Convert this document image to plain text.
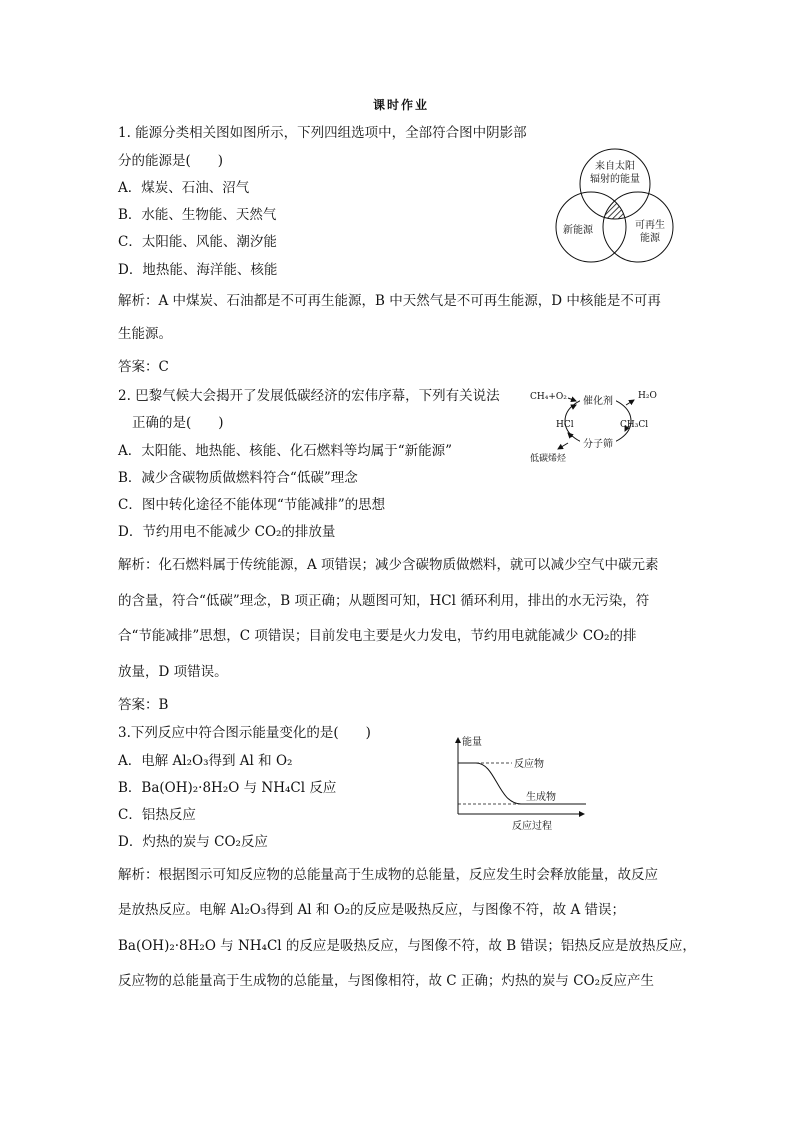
课时作业
1. 能源分类相关图如图所示，下列四组选项中，全部符合图中阴影部
分的能源是(　　)
A．煤炭、石油、沼气
B．水能、生物能、天然气
C．太阳能、风能、潮汐能
D．地热能、海洋能、核能
来自太阳
辐射的能量
新能源	可再生
能源
解析：A 中煤炭、石油都是不可再生能源，B 中天然气是不可再生能源，D 中核能是不可再
生能源。
答案：C
2. 巴黎气候大会揭开了发展低碳经济的宏伟序幕，下列有关说法
正确的是(　　)
A．太阳能、地热能、核能、化石燃料等均属于“新能源”
B．减少含碳物质做燃料符合“低碳”理念
C．图中转化途径不能体现“节能减排”的思想
D．节约用电不能减少 CO₂的排放量
催化剂
CH₄+O₂	H₂O
HCl	CH₃Cl
分子筛
低碳烯烃
解析：化石燃料属于传统能源，A 项错误；减少含碳物质做燃料，就可以减少空气中碳元素
的含量，符合“低碳”理念，B 项正确；从题图可知，HCl 循环利用，排出的水无污染，符
合“节能减排”思想，C 项错误；目前发电主要是火力发电，节约用电就能减少 CO₂的排
放量，D 项错误。
答案：B
3.下列反应中符合图示能量变化的是(　　)
A．电解 Al₂O₃得到 Al 和 O₂
B．Ba(OH)₂·8H₂O 与 NH₄Cl 反应
C．铝热反应
D．灼热的炭与 CO₂反应
能量
反应物
生成物
反应过程
解析：根据图示可知反应物的总能量高于生成物的总能量，反应发生时会释放能量，故反应
是放热反应。电解 Al₂O₃得到 Al 和 O₂的反应是吸热反应，与图像不符，故 A 错误；
Ba(OH)₂·8H₂O 与 NH₄Cl 的反应是吸热反应，与图像不符，故 B 错误；铝热反应是放热反应，
反应物的总能量高于生成物的总能量，与图像相符，故 C 正确；灼热的炭与 CO₂反应产生
